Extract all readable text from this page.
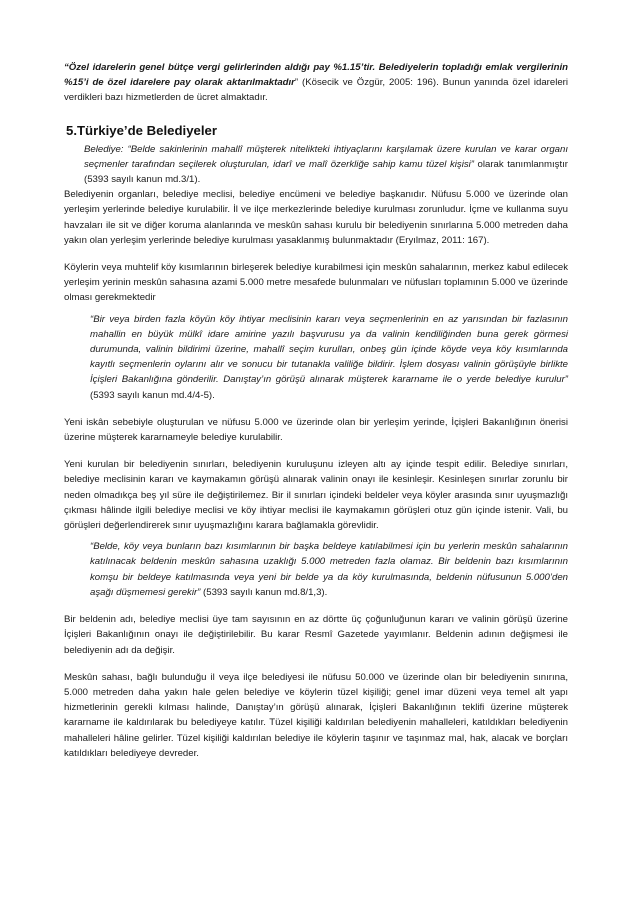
“Özel idarelerin genel bütçe vergi gelirlerinden aldığı pay %1.15’tir. Belediyelerin topladığı emlak vergilerinin %15’i de özel idarelere pay olarak aktarılmaktadır” (Kösecik ve Özgür, 2005: 196). Bunun yanında özel idareleri verdikleri bazı hizmetlerden de ücret almaktadır.

5.Türkiye’de Belediyeler

Belediye: “Belde sakinlerinin mahallî müşterek nitelikteki ihtiyaçlarını karşılamak üzere kurulan ve karar organı seçmenler tarafından seçilerek oluşturulan, idarî ve malî özerkliğe sahip kamu tüzel kişisi” olarak tanımlanmıştır (5393 sayılı kanun md.3/1).

Belediyenin organları, belediye meclisi, belediye encümeni ve belediye başkanıdır. Nüfusu 5.000 ve üzerinde olan yerleşim yerlerinde belediye kurulabilir. İl ve ilçe merkezlerinde belediye kurulması zorunludur. İçme ve kullanma suyu havzaları ile sit ve diğer koruma alanlarında ve meskûn sahası kurulu bir belediyenin sınırlarına 5.000 metreden daha yakın olan yerleşim yerlerinde belediye kurulması yasaklanmış bulunmaktadır (Eryılmaz, 2011: 167).

Köylerin veya muhtelif köy kısımlarının birleşerek belediye kurabilmesi için meskûn sahalarının, merkez kabul edilecek yerleşim yerinin meskûn sahasına azami 5.000 metre mesafede bulunmaları ve nüfusları toplamının 5.000 ve üzerinde olması gerekmektedir

“Bir veya birden fazla köyün köy ihtiyar meclisinin kararı veya seçmenlerinin en az yarısından bir fazlasının mahallin en büyük mülkî idare amirine yazılı başvurusu ya da valinin kendiliğinden buna gerek görmesi durumunda, valinin bildirimi üzerine, mahallî seçim kurulları, onbeş gün içinde köyde veya köy kısımlarında kayıtlı seçmenlerin oylarını alır ve sonucu bir tutanakla valiliğe bildirir. İşlem dosyası valinin görüşüyle birlikte İçişleri Bakanlığına gönderilir. Danıştay’ın görüşü alınarak müşterek kararname ile o yerde belediye kurulur” (5393 sayılı kanun md.4/4-5).

Yeni iskân sebebiyle oluşturulan ve nüfusu 5.000 ve üzerinde olan bir yerleşim yerinde, İçişleri Bakanlığının önerisi üzerine müşterek kararnameyle belediye kurulabilir.

Yeni kurulan bir belediyenin sınırları, belediyenin kuruluşunu izleyen altı ay içinde tespit edilir. Belediye sınırları, belediye meclisinin kararı ve kaymakamın görüşü alınarak valinin onayı ile kesinleşir. Kesinleşen sınırlar zorunlu bir neden olmadıkça beş yıl süre ile değiştirilemez. Bir il sınırları içindeki beldeler veya köyler arasında sınır uyuşmazlığı çıkması hâlinde ilgili belediye meclisi ve köy ihtiyar meclisi ile kaymakamın görüşleri otuz gün içinde istenir. Vali, bu görüşleri değerlendirerek sınır uyuşmazlığını karara bağlamakla görevlidir.

“Belde, köy veya bunların bazı kısımlarının bir başka beldeye katılabilmesi için bu yerlerin meskûn sahalarının katılınacak beldenin meskûn sahasına uzaklığı 5.000 metreden fazla olamaz. Bir beldenin bazı kısımlarının komşu bir beldeye katılmasında veya yeni bir belde ya da köy kurulmasında, beldenin nüfusunun 5.000’den aşağı düşmemesi gerekir” (5393 sayılı kanun md.8/1,3).

Bir beldenin adı, belediye meclisi üye tam sayısının en az dörtte üç çoğunluğunun kararı ve valinin görüşü üzerine İçişleri Bakanlığının onayı ile değiştirilebilir. Bu karar Resmî Gazetede yayımlanır. Beldenin adının değişmesi ile belediyenin adı da değişir.

Meskûn sahası, bağlı bulunduğu il veya ilçe belediyesi ile nüfusu 50.000 ve üzerinde olan bir belediyenin sınırına, 5.000 metreden daha yakın hale gelen belediye ve köylerin tüzel kişiliği; genel imar düzeni veya temel alt yapı hizmetlerinin gerekli kılması halinde, Danıştay’ın görüşü alınarak, İçişleri Bakanlığının teklifi üzerine müşterek kararname ile kaldırılarak bu belediyeye katılır. Tüzel kişiliği kaldırılan belediyenin mahalleleri, katıldıkları belediyenin mahalleleri hâline gelirler. Tüzel kişiliği kaldırılan belediye ile köylerin taşınır ve taşınmaz mal, hak, alacak ve borçları katıldıkları belediyeye devreder.
